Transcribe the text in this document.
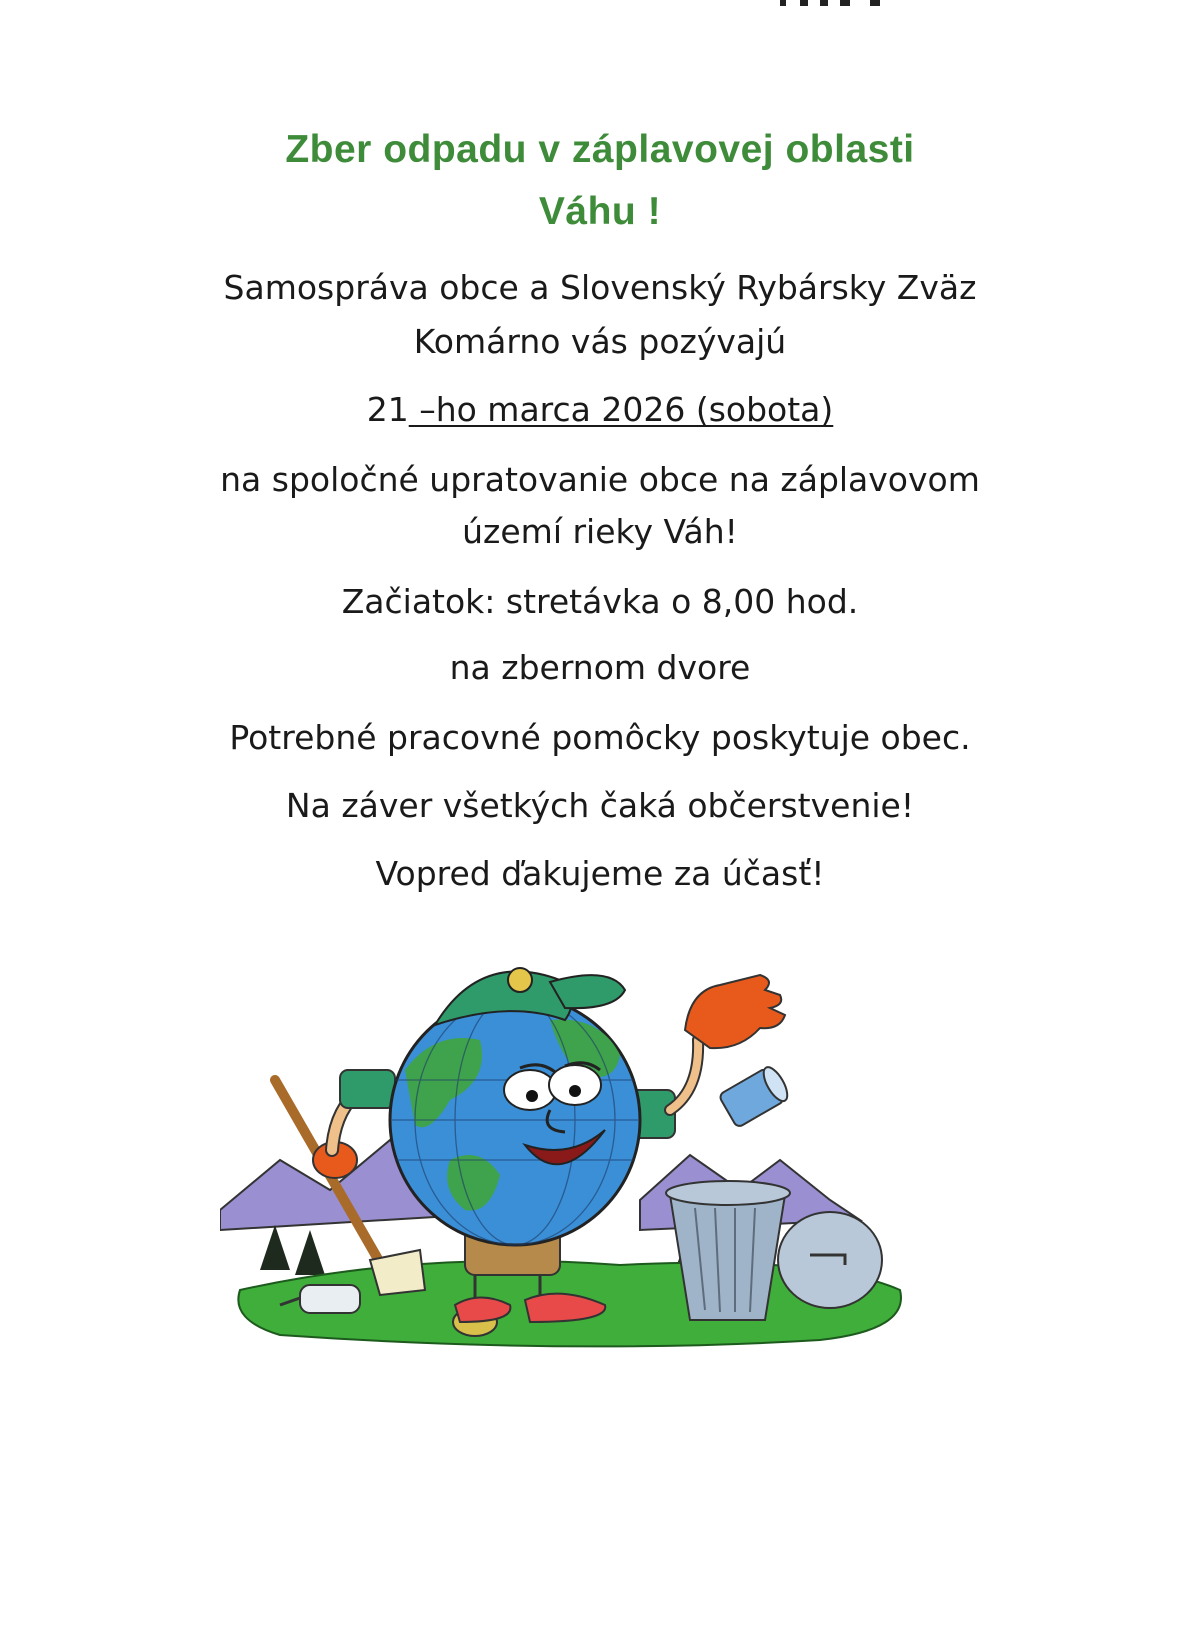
Zber odpadu v záplavovej oblasti
Váhu !
Samospráva obce a Slovenský Rybársky Zväz
Komárno vás pozývajú
21 –ho marca 2026 (sobota)
na spoločné upratovanie obce na záplavovom
území rieky Váh!
Začiatok: stretávka o 8,00 hod.
na zbernom dvore
Potrebné pracovné pomôcky poskytuje obec.
Na záver všetkých čaká občerstvenie!
Vopred ďakujeme za účasť!
